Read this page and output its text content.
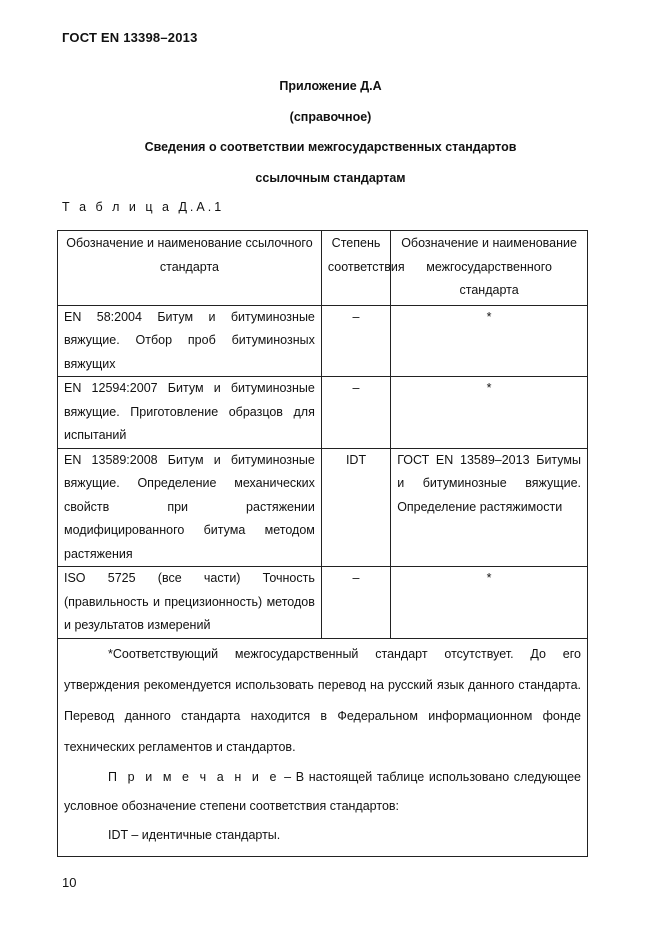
ГОСТ EN 13398–2013
Приложение Д.А
(справочное)
Сведения о соответствии межгосударственных стандартов
ссылочным стандартам
Т а б л и ц а Д.А.1
Обозначение и наименование ссылочного стандарта	Степень соответствия	Обозначение и наименование межгосударственного стандарта
EN 58:2004 Битум и битуминозные вяжущие. Отбор проб битуминозных вяжущих	–	*
EN 12594:2007 Битум и битуминозные вяжущие. Приготовление образцов для испытаний	–	*
EN 13589:2008 Битум и битуминозные вяжущие. Определение механических свойств при растяжении модифицированного битума методом растяжения	IDT	ГОСТ EN 13589–2013 Битумы и битуминозные вяжущие. Определение растяжимости
ISO 5725 (все части) Точность (правильность и прецизионность) методов и результатов измерений	–	*

*Соответствующий межгосударственный стандарт отсутствует. До его утверждения рекомендуется использовать перевод на русский язык данного стандарта. Перевод данного стандарта находится в Федеральном информационном фонде технических регламентов и стандартов.

П р и м е ч а н и е – В настоящей таблице использовано следующее условное обозначение степени соответствия стандартов:

IDT – идентичные стандарты.		

10
